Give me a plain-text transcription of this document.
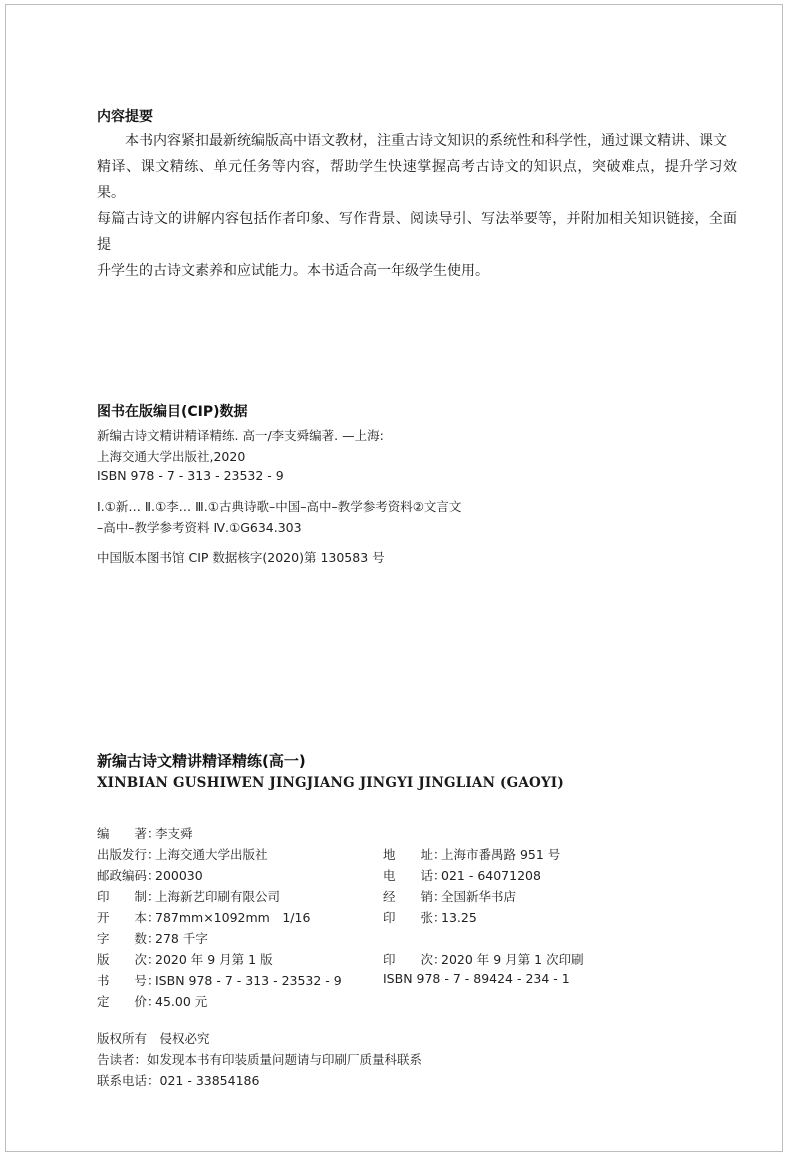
内容提要
本书内容紧扣最新统编版高中语文教材，注重古诗文知识的系统性和科学性，通过课文精讲、课文
精译、课文精练、单元任务等内容，帮助学生快速掌握高考古诗文的知识点，突破难点，提升学习效果。
每篇古诗文的讲解内容包括作者印象、写作背景、阅读导引、写法举要等，并附加相关知识链接，全面提
升学生的古诗文素养和应试能力。本书适合高一年级学生使用。
图书在版编目(CIP)数据
新编古诗文精讲精译精练. 高一/李支舜编著. —上海:
上海交通大学出版社,2020
ISBN 978 - 7 - 313 - 23532 - 9
Ⅰ.①新… Ⅱ.①李… Ⅲ.①古典诗歌–中国–高中–教学参考资料②文言文
–高中–教学参考资料 Ⅳ.①G634.303
中国版本图书馆 CIP 数据核字(2020)第 130583 号
新编古诗文精讲精译精练(高一)
XINBIAN GUSHIWEN JINGJIANG JINGYI JINGLIAN (GAOYI)
编　　著：李支舜
出版发行：上海交通大学出版社
邮政编码：200030
印　　制：上海新艺印刷有限公司
开　　本：787mm×1092mm　1/16
字　　数：278 千字
版　　次：2020 年 9 月第 1 版
书　　号：ISBN 978 - 7 - 313 - 23532 - 9
定　　价：45.00 元
地　　址：上海市番禺路 951 号
电　　话：021 - 64071208
经　　销：全国新华书店
印　　张：13.25
印　　次：2020 年 9 月第 1 次印刷
ISBN 978 - 7 - 89424 - 234 - 1
版权所有　侵权必究
告读者：如发现本书有印装质量问题请与印刷厂质量科联系
联系电话：021 - 33854186
